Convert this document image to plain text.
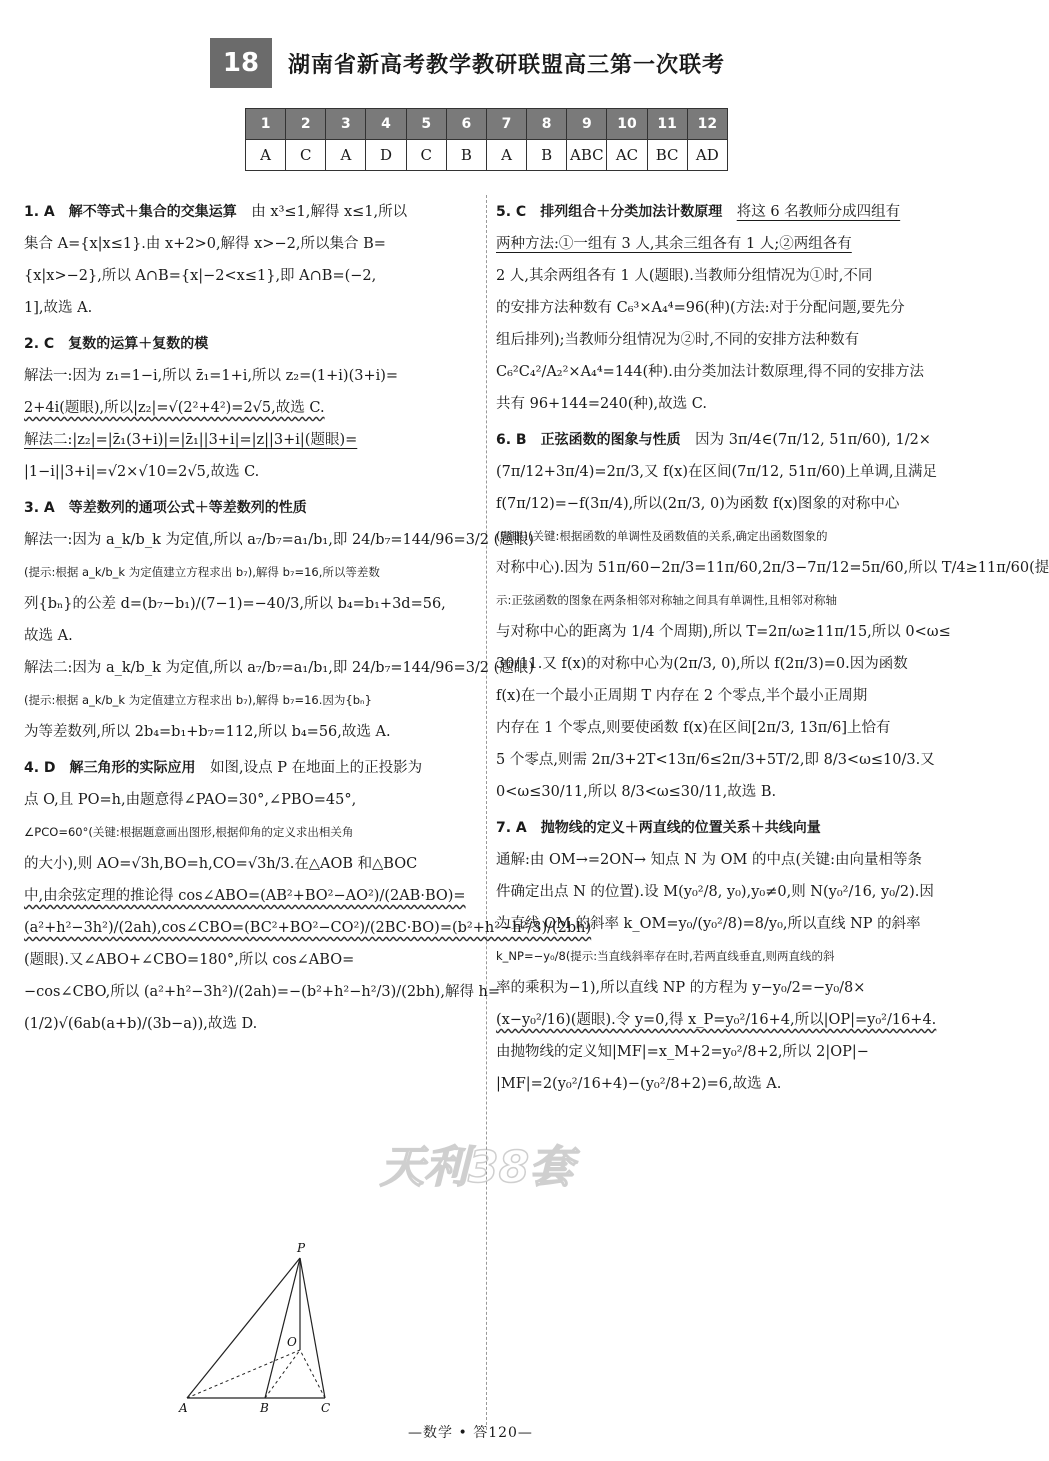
18	湖南省新高考教学教研联盟高三第一次联考
1	2	3	4	5	6	7	8	9	10	11	12
A	C	A	D	C	B	A	B	ABC	AC	BC	AD
1. A　解不等式＋集合的交集运算　 由 x³≤1,解得 x≤1,所以
集合 A={x|x≤1}.由 x+2>0,解得 x>−2,所以集合 B=
{x|x>−2},所以 A∩B={x|−2<x≤1},即 A∩B=(−2,
1],故选 A.
2. C　复数的运算＋复数的模
解法一:因为 z₁=1−i,所以 z̄₁=1+i,所以 z₂=(1+i)(3+i)=
2+4i(题眼),所以|z₂|=√(2²+4²)=2√5,故选 C.
解法二:|z₂|=|z̄₁(3+i)|=|z̄₁||3+i|=|z||3+i|(题眼)=
|1−i||3+i|=√2×√10=2√5,故选 C.
3. A　等差数列的通项公式＋等差数列的性质
解法一:因为 a_k/b_k 为定值,所以 a₇/b₇=a₁/b₁,即 24/b₇=144/96=3/2 (题眼)
(提示:根据 a_k/b_k 为定值建立方程求出 b₇),解得 b₇=16,所以等差数
列{bₙ}的公差 d=(b₇−b₁)/(7−1)=−40/3,所以 b₄=b₁+3d=56,
故选 A.
解法二:因为 a_k/b_k 为定值,所以 a₇/b₇=a₁/b₁,即 24/b₇=144/96=3/2 (题眼)
(提示:根据 a_k/b_k 为定值建立方程求出 b₇),解得 b₇=16.因为{bₙ}
为等差数列,所以 2b₄=b₁+b₇=112,所以 b₄=56,故选 A.
4. D　解三角形的实际应用　 如图,设点 P 在地面上的正投影为
点 O,且 PO=h,由题意得∠PAO=30°,∠PBO=45°,
∠PCO=60°(关键:根据题意画出图形,根据仰角的定义求出相关角
的大小),则 AO=√3h,BO=h,CO=√3h/3.在△AOB 和△BOC
中,由余弦定理的推论得 cos∠ABO=(AB²+BO²−AO²)/(2AB·BO)=
(a²+h²−3h²)/(2ah),cos∠CBO=(BC²+BO²−CO²)/(2BC·BO)=(b²+h²−h²/3)/(2bh)
(题眼).又∠ABO+∠CBO=180°,所以 cos∠ABO=
−cos∠CBO,所以 (a²+h²−3h²)/(2ah)=−(b²+h²−h²/3)/(2bh),解得 h=
(1/2)√(6ab(a+b)/(3b−a)),故选 D.
P
O
A	B	C
5. C　排列组合＋分类加法计数原理　 将这 6 名教师分成四组有
两种方法:①一组有 3 人,其余三组各有 1 人;②两组各有
2 人,其余两组各有 1 人(题眼).当教师分组情况为①时,不同
的安排方法种数有 C₆³×A₄⁴=96(种)(方法:对于分配问题,要先分
组后排列);当教师分组情况为②时,不同的安排方法种数有
C₆²C₄²/A₂²×A₄⁴=144(种).由分类加法计数原理,得不同的安排方法
共有 96+144=240(种),故选 C.
6. B　正弦函数的图象与性质　 因为 3π/4∈(7π/12, 51π/60), 1/2×
(7π/12+3π/4)=2π/3,又 f(x)在区间(7π/12, 51π/60)上单调,且满足
f(7π/12)=−f(3π/4),所以(2π/3, 0)为函数 f(x)图象的对称中心
(题眼)(关键:根据函数的单调性及函数值的关系,确定出函数图象的
对称中心).因为 51π/60−2π/3=11π/60,2π/3−7π/12=5π/60,所以 T/4≥11π/60(提
示:正弦函数的图象在两条相邻对称轴之间具有单调性,且相邻对称轴
与对称中心的距离为 1/4 个周期),所以 T=2π/ω≥11π/15,所以 0<ω≤
30/11.又 f(x)的对称中心为(2π/3, 0),所以 f(2π/3)=0.因为函数
f(x)在一个最小正周期 T 内存在 2 个零点,半个最小正周期
内存在 1 个零点,则要使函数 f(x)在区间[2π/3, 13π/6]上恰有
5 个零点,则需 2π/3+2T<13π/6≤2π/3+5T/2,即 8/3<ω≤10/3.又
0<ω≤30/11,所以 8/3<ω≤30/11,故选 B.
7. A　抛物线的定义＋两直线的位置关系＋共线向量
通解:由 OM→=2ON→ 知点 N 为 OM 的中点(关键:由向量相等条
件确定出点 N 的位置).设 M(y₀²/8, y₀),y₀≠0,则 N(y₀²/16, y₀/2).因
为直线 OM 的斜率 k_OM=y₀/(y₀²/8)=8/y₀,所以直线 NP 的斜率
k_NP=−y₀/8(提示:当直线斜率存在时,若两直线垂直,则两直线的斜
率的乘积为−1),所以直线 NP 的方程为 y−y₀/2=−y₀/8×
(x−y₀²/16)(题眼).令 y=0,得 x_P=y₀²/16+4,所以|OP|=y₀²/16+4.
由抛物线的定义知|MF|=x_M+2=y₀²/8+2,所以 2|OP|−
|MF|=2(y₀²/16+4)−(y₀²/8+2)=6,故选 A.
天利38套
—数学 • 答120—
